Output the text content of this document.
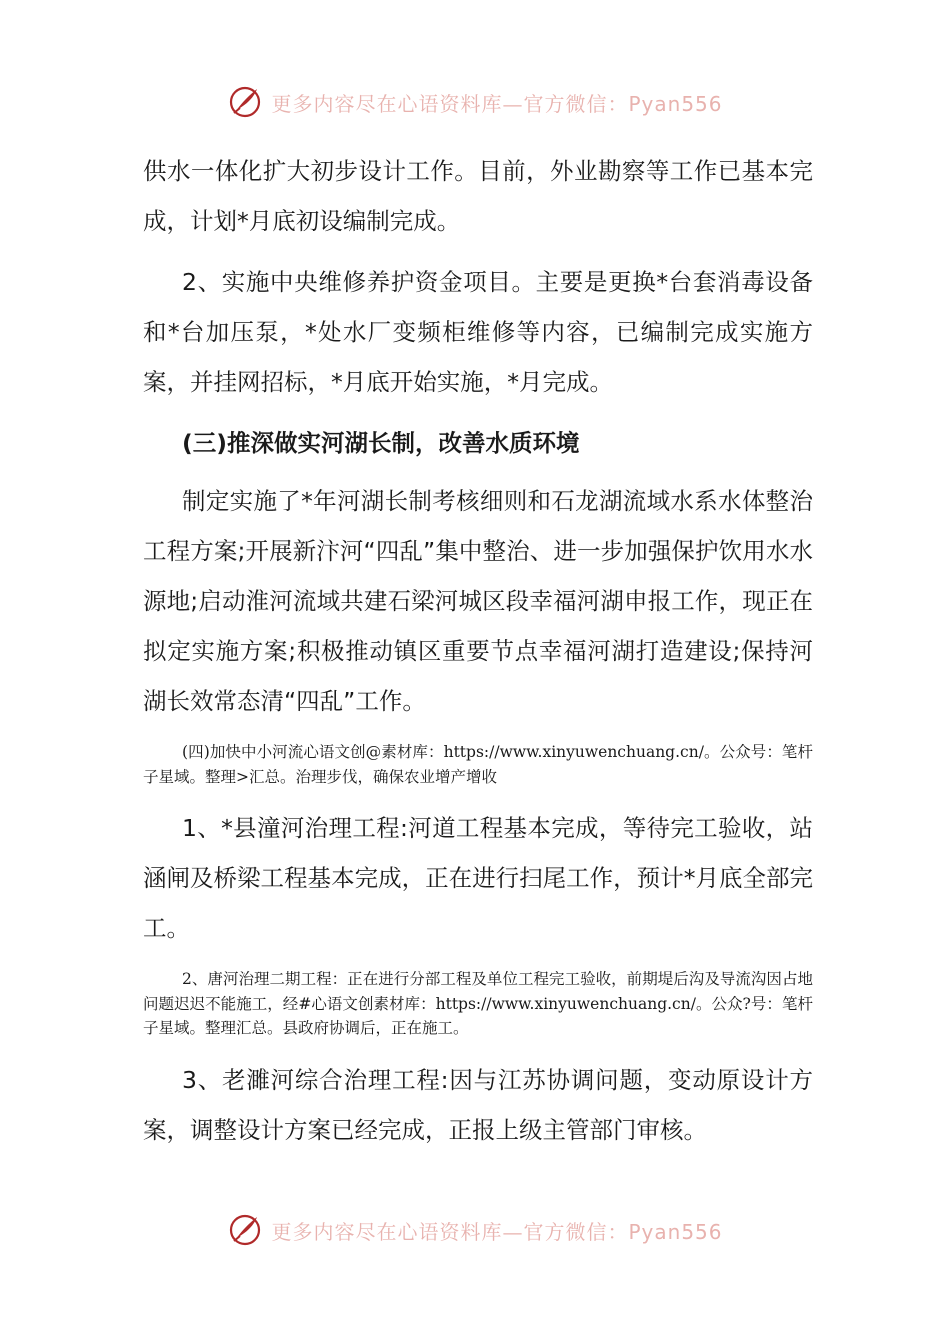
更多内容尽在心语资料库—官方微信：Pyan556

供水一体化扩大初步设计工作。目前，外业勘察等工作已基本完成，计划*月底初设编制完成。

2、实施中央维修养护资金项目。主要是更换*台套消毒设备和*台加压泵，*处水厂变频柜维修等内容，已编制完成实施方案，并挂网招标，*月底开始实施，*月完成。

(三)推深做实河湖长制，改善水质环境

制定实施了*年河湖长制考核细则和石龙湖流域水系水体整治工程方案;开展新汴河“四乱”集中整治、进一步加强保护饮用水水源地;启动淮河流域共建石梁河城区段幸福河湖申报工作，现正在拟定实施方案;积极推动镇区重要节点幸福河湖打造建设;保持河湖长效常态清“四乱”工作。

(四)加快中小河流心语文创@素材库：https://www.xinyuwenchuang.cn/。公众号：笔杆子星域。整理>汇总。治理步伐，确保农业增产增收

1、*县潼河治理工程:河道工程基本完成，等待完工验收，站涵闸及桥梁工程基本完成，正在进行扫尾工作，预计*月底全部完工。

2、唐河治理二期工程：正在进行分部工程及单位工程完工验收，前期堤后沟及导流沟因占地问题迟迟不能施工，经#心语文创素材库：https://www.xinyuwenchuang.cn/。公众?号：笔杆子星域。整理汇总。县政府协调后，正在施工。

3、老濉河综合治理工程:因与江苏协调问题，变动原设计方案，调整设计方案已经完成，正报上级主管部门审核。

更多内容尽在心语资料库—官方微信：Pyan556
